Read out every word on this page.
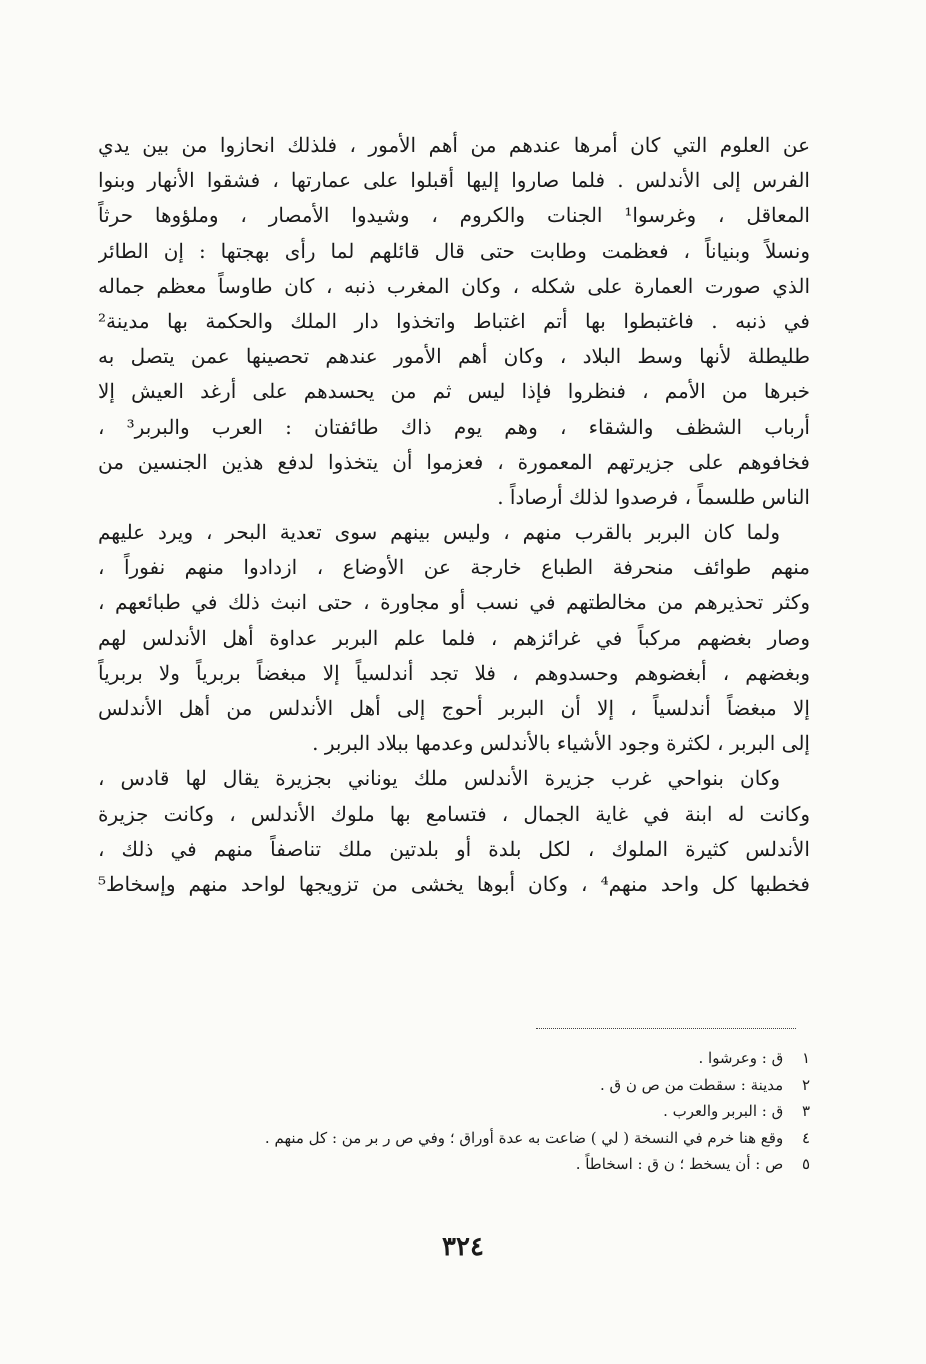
عن العلوم التي كان أمرها عندهم من أهم الأمور ، فلذلك انحازوا من بين يدي
الفرس إلى الأندلس . فلما صاروا إليها أقبلوا على عمارتها ، فشقوا الأنهار وبنوا
المعاقل ، وغرسوا¹ الجنات والكروم ، وشيدوا الأمصار ، وملؤوها حرثاً
ونسلاً وبنياناً ، فعظمت وطابت حتى قال قائلهم لما رأى بهجتها : إن الطائر
الذي صورت العمارة على شكله ، وكان المغرب ذنبه ، كان طاوساً معظم جماله
في ذنبه . فاغتبطوا بها أتم اغتباط واتخذوا دار الملك والحكمة بها مدينة²
طليطلة لأنها وسط البلاد ، وكان أهم الأمور عندهم تحصينها عمن يتصل به
خبرها من الأمم ، فنظروا فإذا ليس ثم من يحسدهم على أرغد العيش إلا
أرباب الشظف والشقاء ، وهم يوم ذاك طائفتان : العرب والبربر³ ،
فخافوهم على جزيرتهم المعمورة ، فعزموا أن يتخذوا لدفع هذين الجنسين من
الناس طلسماً ، فرصدوا لذلك أرصاداً .
ولما كان البربر بالقرب منهم ، وليس بينهم سوى تعدية البحر ، ويرد عليهم
منهم طوائف منحرفة الطباع خارجة عن الأوضاع ، ازدادوا منهم نفوراً ،
وكثر تحذيرهم من مخالطتهم في نسب أو مجاورة ، حتى انبث ذلك في طبائعهم ،
وصار بغضهم مركباً في غرائزهم ، فلما علم البربر عداوة أهل الأندلس لهم
وبغضهم ، أبغضوهم وحسدوهم ، فلا تجد أندلسياً إلا مبغضاً بربرياً ولا بربرياً
إلا مبغضاً أندلسياً ، إلا أن البربر أحوج إلى أهل الأندلس من أهل الأندلس
إلى البربر ، لكثرة وجود الأشياء بالأندلس وعدمها ببلاد البربر .
وكان بنواحي غرب جزيرة الأندلس ملك يوناني بجزيرة يقال لها قادس ،
وكانت له ابنة في غاية الجمال ، فتسامع بها ملوك الأندلس ، وكانت جزيرة
الأندلس كثيرة الملوك ، لكل بلدة أو بلدتين ملك تناصفاً منهم في ذلك ،
فخطبها كل واحد منهم⁴ ، وكان أبوها يخشى من تزويجها لواحد منهم وإسخاط⁵
١ ق : وعرشوا .
٢ مدينة : سقطت من ص ن ق .
٣ ق : البربر والعرب .
٤ وقع هنا خرم في النسخة ( لي ) ضاعت به عدة أوراق ؛ وفي ص ر بر من : كل منهم .
٥ ص : أن يسخط ؛ ن ق : اسخاطاً .
٣٢٤
